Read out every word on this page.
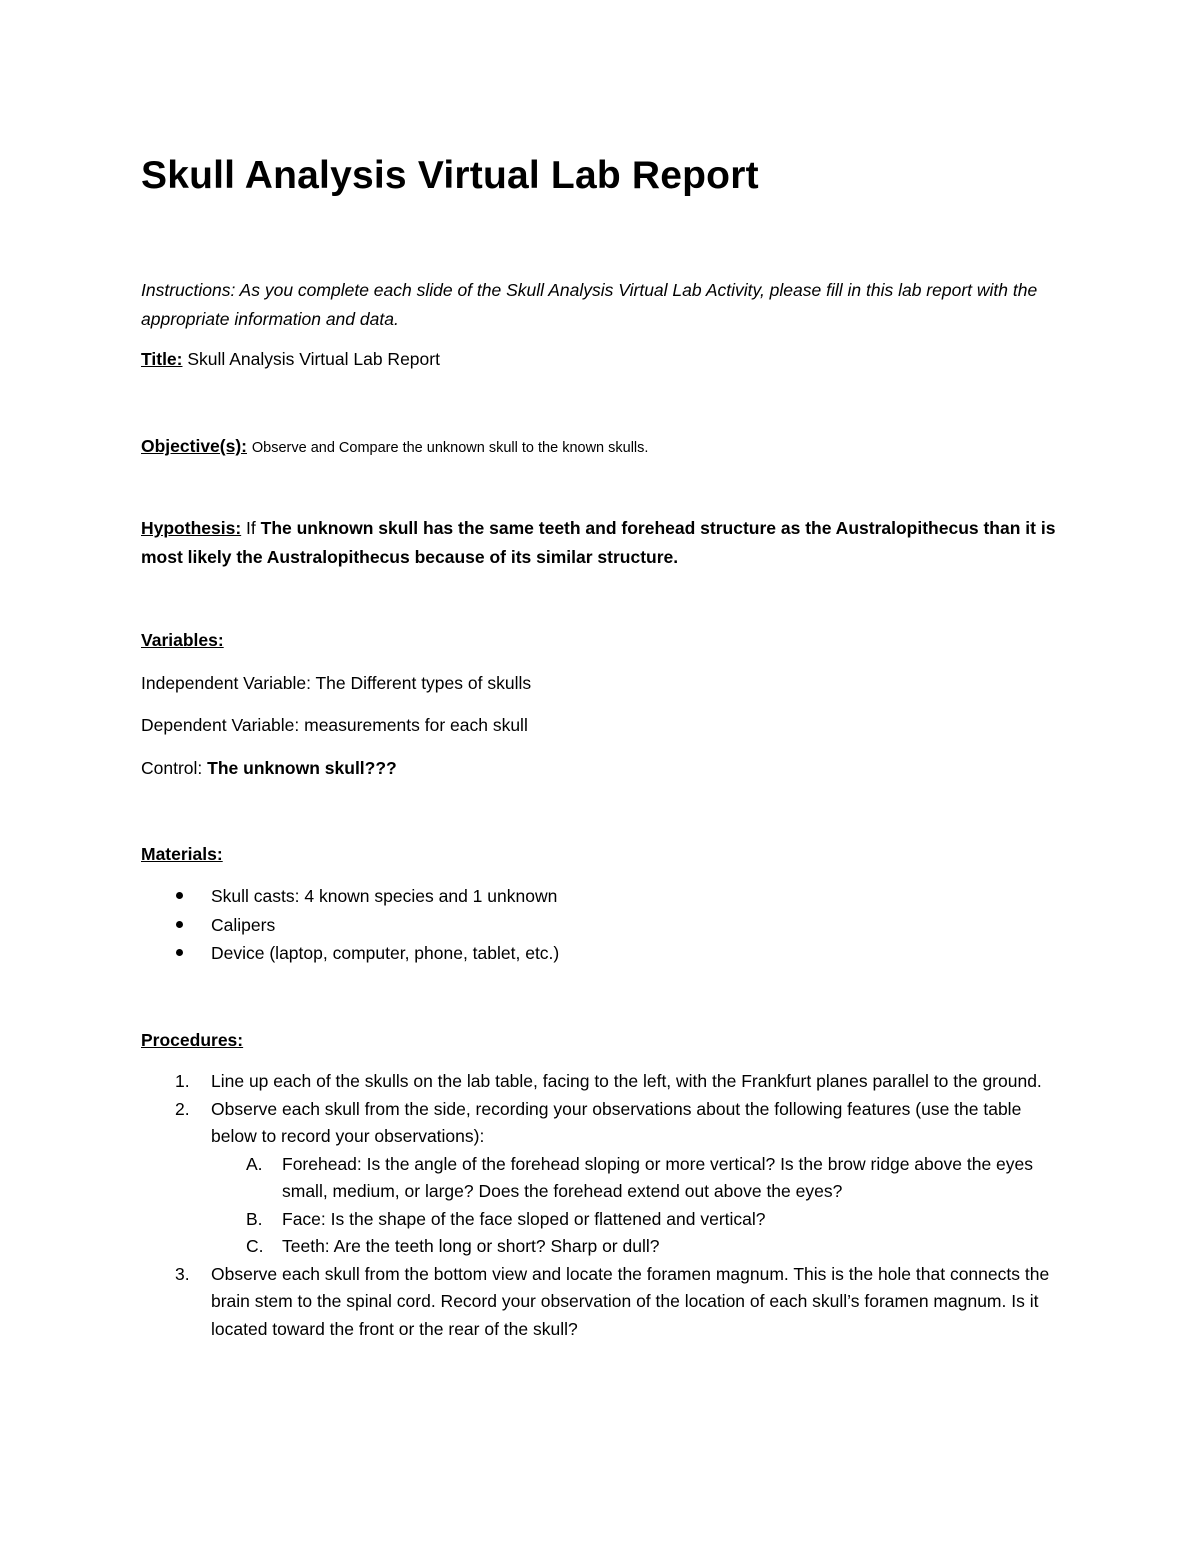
Skull Analysis Virtual Lab Report

Instructions: As you complete each slide of the Skull Analysis Virtual Lab Activity, please fill in this lab report with the appropriate information and data.

Title: Skull Analysis Virtual Lab Report

Objective(s): Observe and Compare the unknown skull to the known skulls.

Hypothesis: If The unknown skull has the same teeth and forehead structure as the Australopithecus than it is most likely the Australopithecus because of its similar structure.

Variables:

Independent Variable: The Different types of skulls

Dependent Variable: measurements for each skull

Control: The unknown skull???

Materials:

Skull casts: 4 known species and 1 unknown
Calipers
Device (laptop, computer, phone, tablet, etc.)

Procedures:

1. Line up each of the skulls on the lab table, facing to the left, with the Frankfurt planes parallel to the ground.
2. Observe each skull from the side, recording your observations about the following features (use the table below to record your observations):
A. Forehead: Is the angle of the forehead sloping or more vertical? Is the brow ridge above the eyes small, medium, or large? Does the forehead extend out above the eyes?
B. Face: Is the shape of the face sloped or flattened and vertical?
C. Teeth: Are the teeth long or short? Sharp or dull?
3. Observe each skull from the bottom view and locate the foramen magnum. This is the hole that connects the brain stem to the spinal cord. Record your observation of the location of each skull’s foramen magnum. Is it located toward the front or the rear of the skull?
